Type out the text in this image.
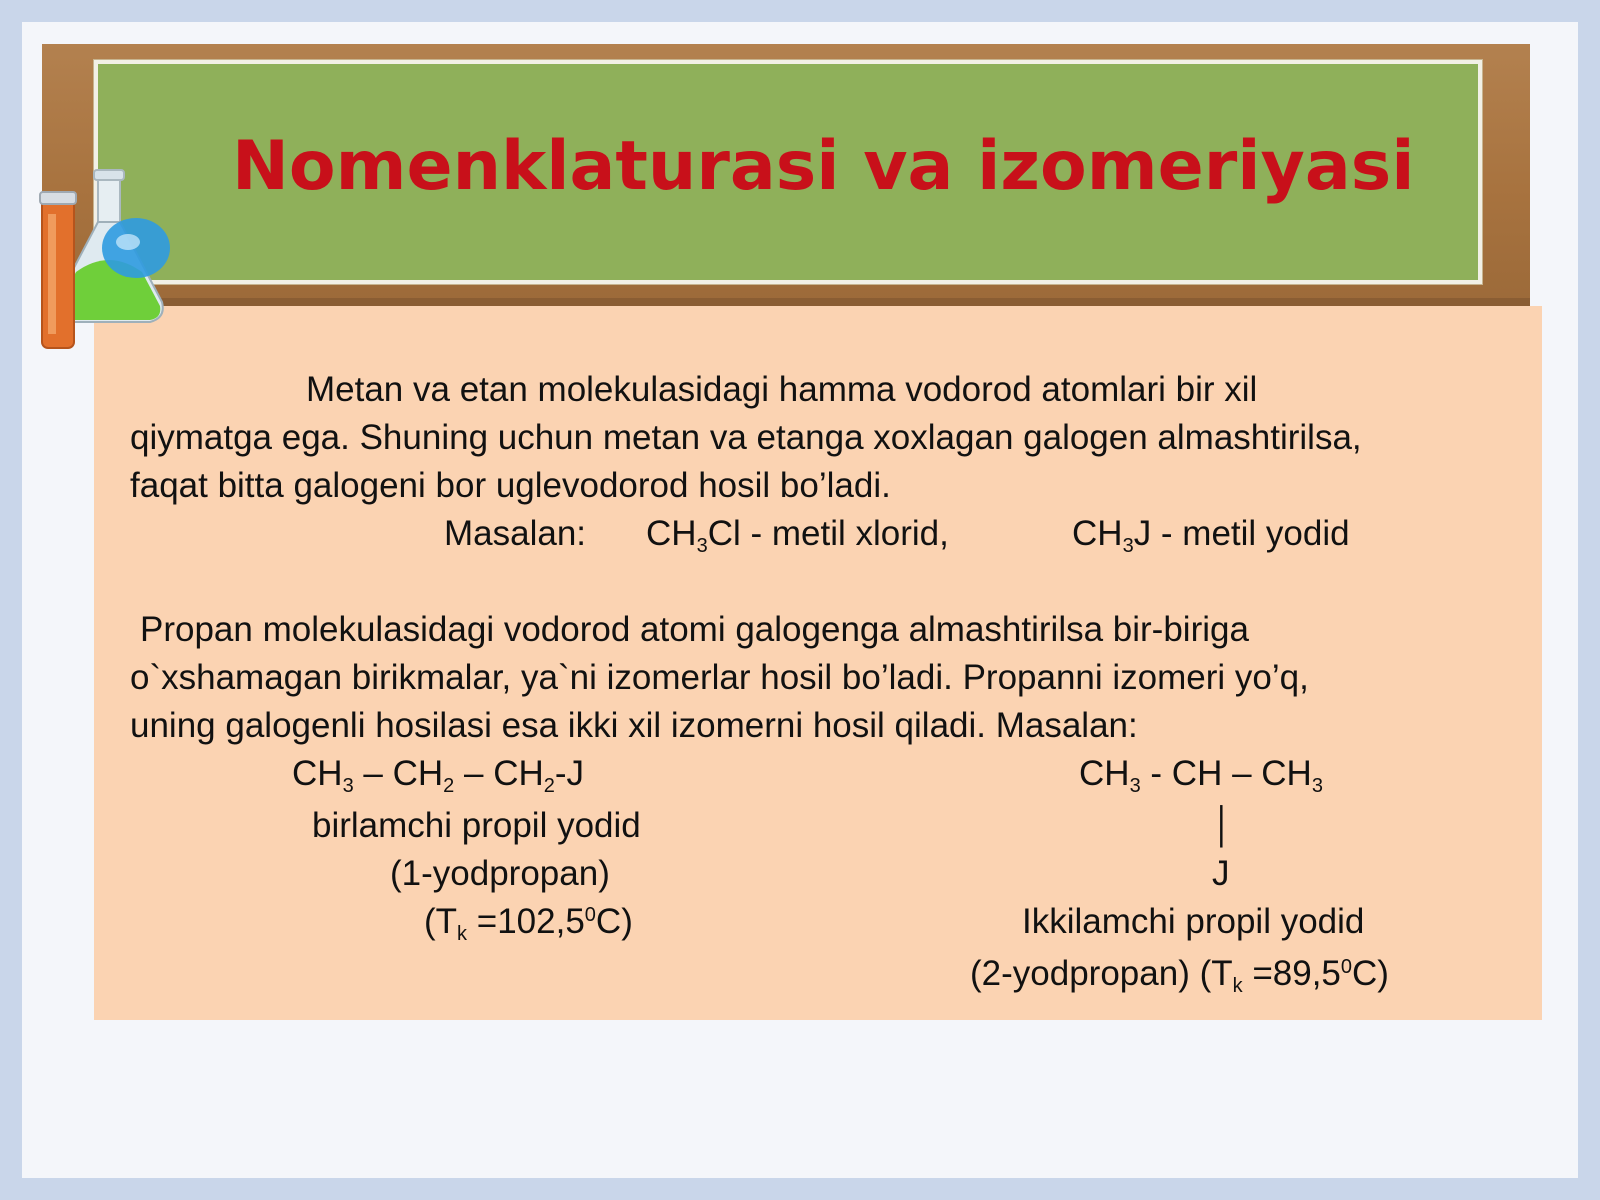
Nomenklaturasi va izomeriyasi
Metan va etan molekulasidagi hamma vodorod atomlari bir xil
qiymatga ega. Shuning uchun metan va etanga xoxlagan galogen almashtirilsa,
faqat bitta galogeni bor uglevodorod hosil bo’ladi.
Masalan: $CH_3Cl$ - metil xlorid,	$CH_3J$ - metil yodid
Propan molekulasidagi vodorod atomi galogenga almashtirilsa bir-biriga
o`xshamagan birikmalar, ya`ni izomerlar hosil bo’ladi. Propanni izomeri yo’q,
uning galogenli hosilasi esa ikki xil izomerni hosil qiladi. Masalan:
$CH_3 - CH_2 - CH_2-J$
birlamchi propil yodid
(1-yodpropan)
$(T_k =102,5^0C)$
$CH_3$ - CH – $CH_3$
│
J
Ikkilamchi propil yodid
(2-yodpropan) $(T_k =89,5^0C)$
